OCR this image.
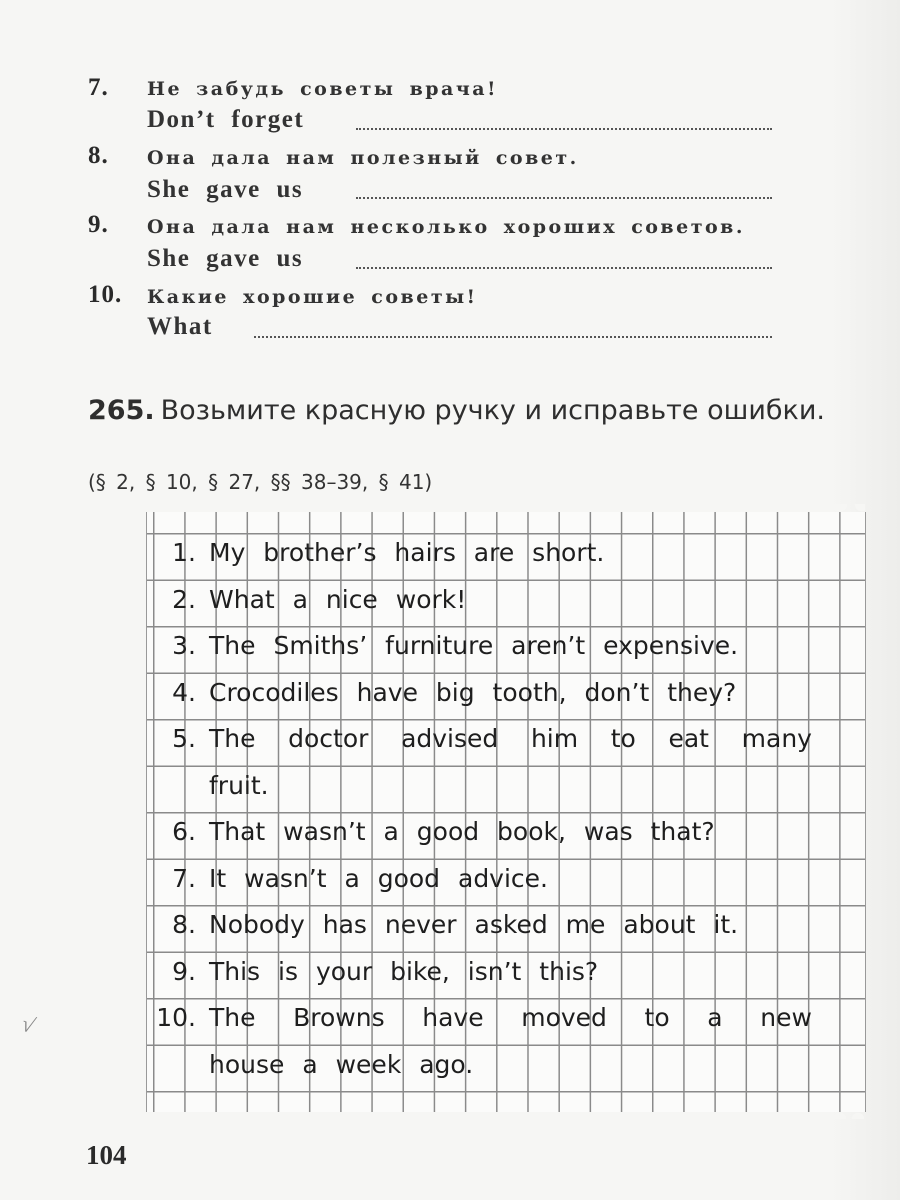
7.	Не забудь советы врача!
Don’t forget
8.	Она дала нам полезный совет.
She gave us
9.	Она дала нам несколько хороших советов.
She gave us
10.	Какие хорошие советы!
What
265. Возьмите красную ручку и исправьте ошибки.
(§ 2, § 10, § 27, §§ 38–39, § 41)
1. My brother’s hairs are short.
2. What a nice work!
3. The Smiths’ furniture aren’t expensive.
4. Crocodiles have big tooth, don’t they?
5. The doctor advised him to eat many
fruit.
6. That wasn’t a good book, was that?
7. It wasn’t a good advice.
8. Nobody has never asked me about it.
9. This is your bike, isn’t this?
10. The Browns have moved to a new
house a week ago.
104
√
